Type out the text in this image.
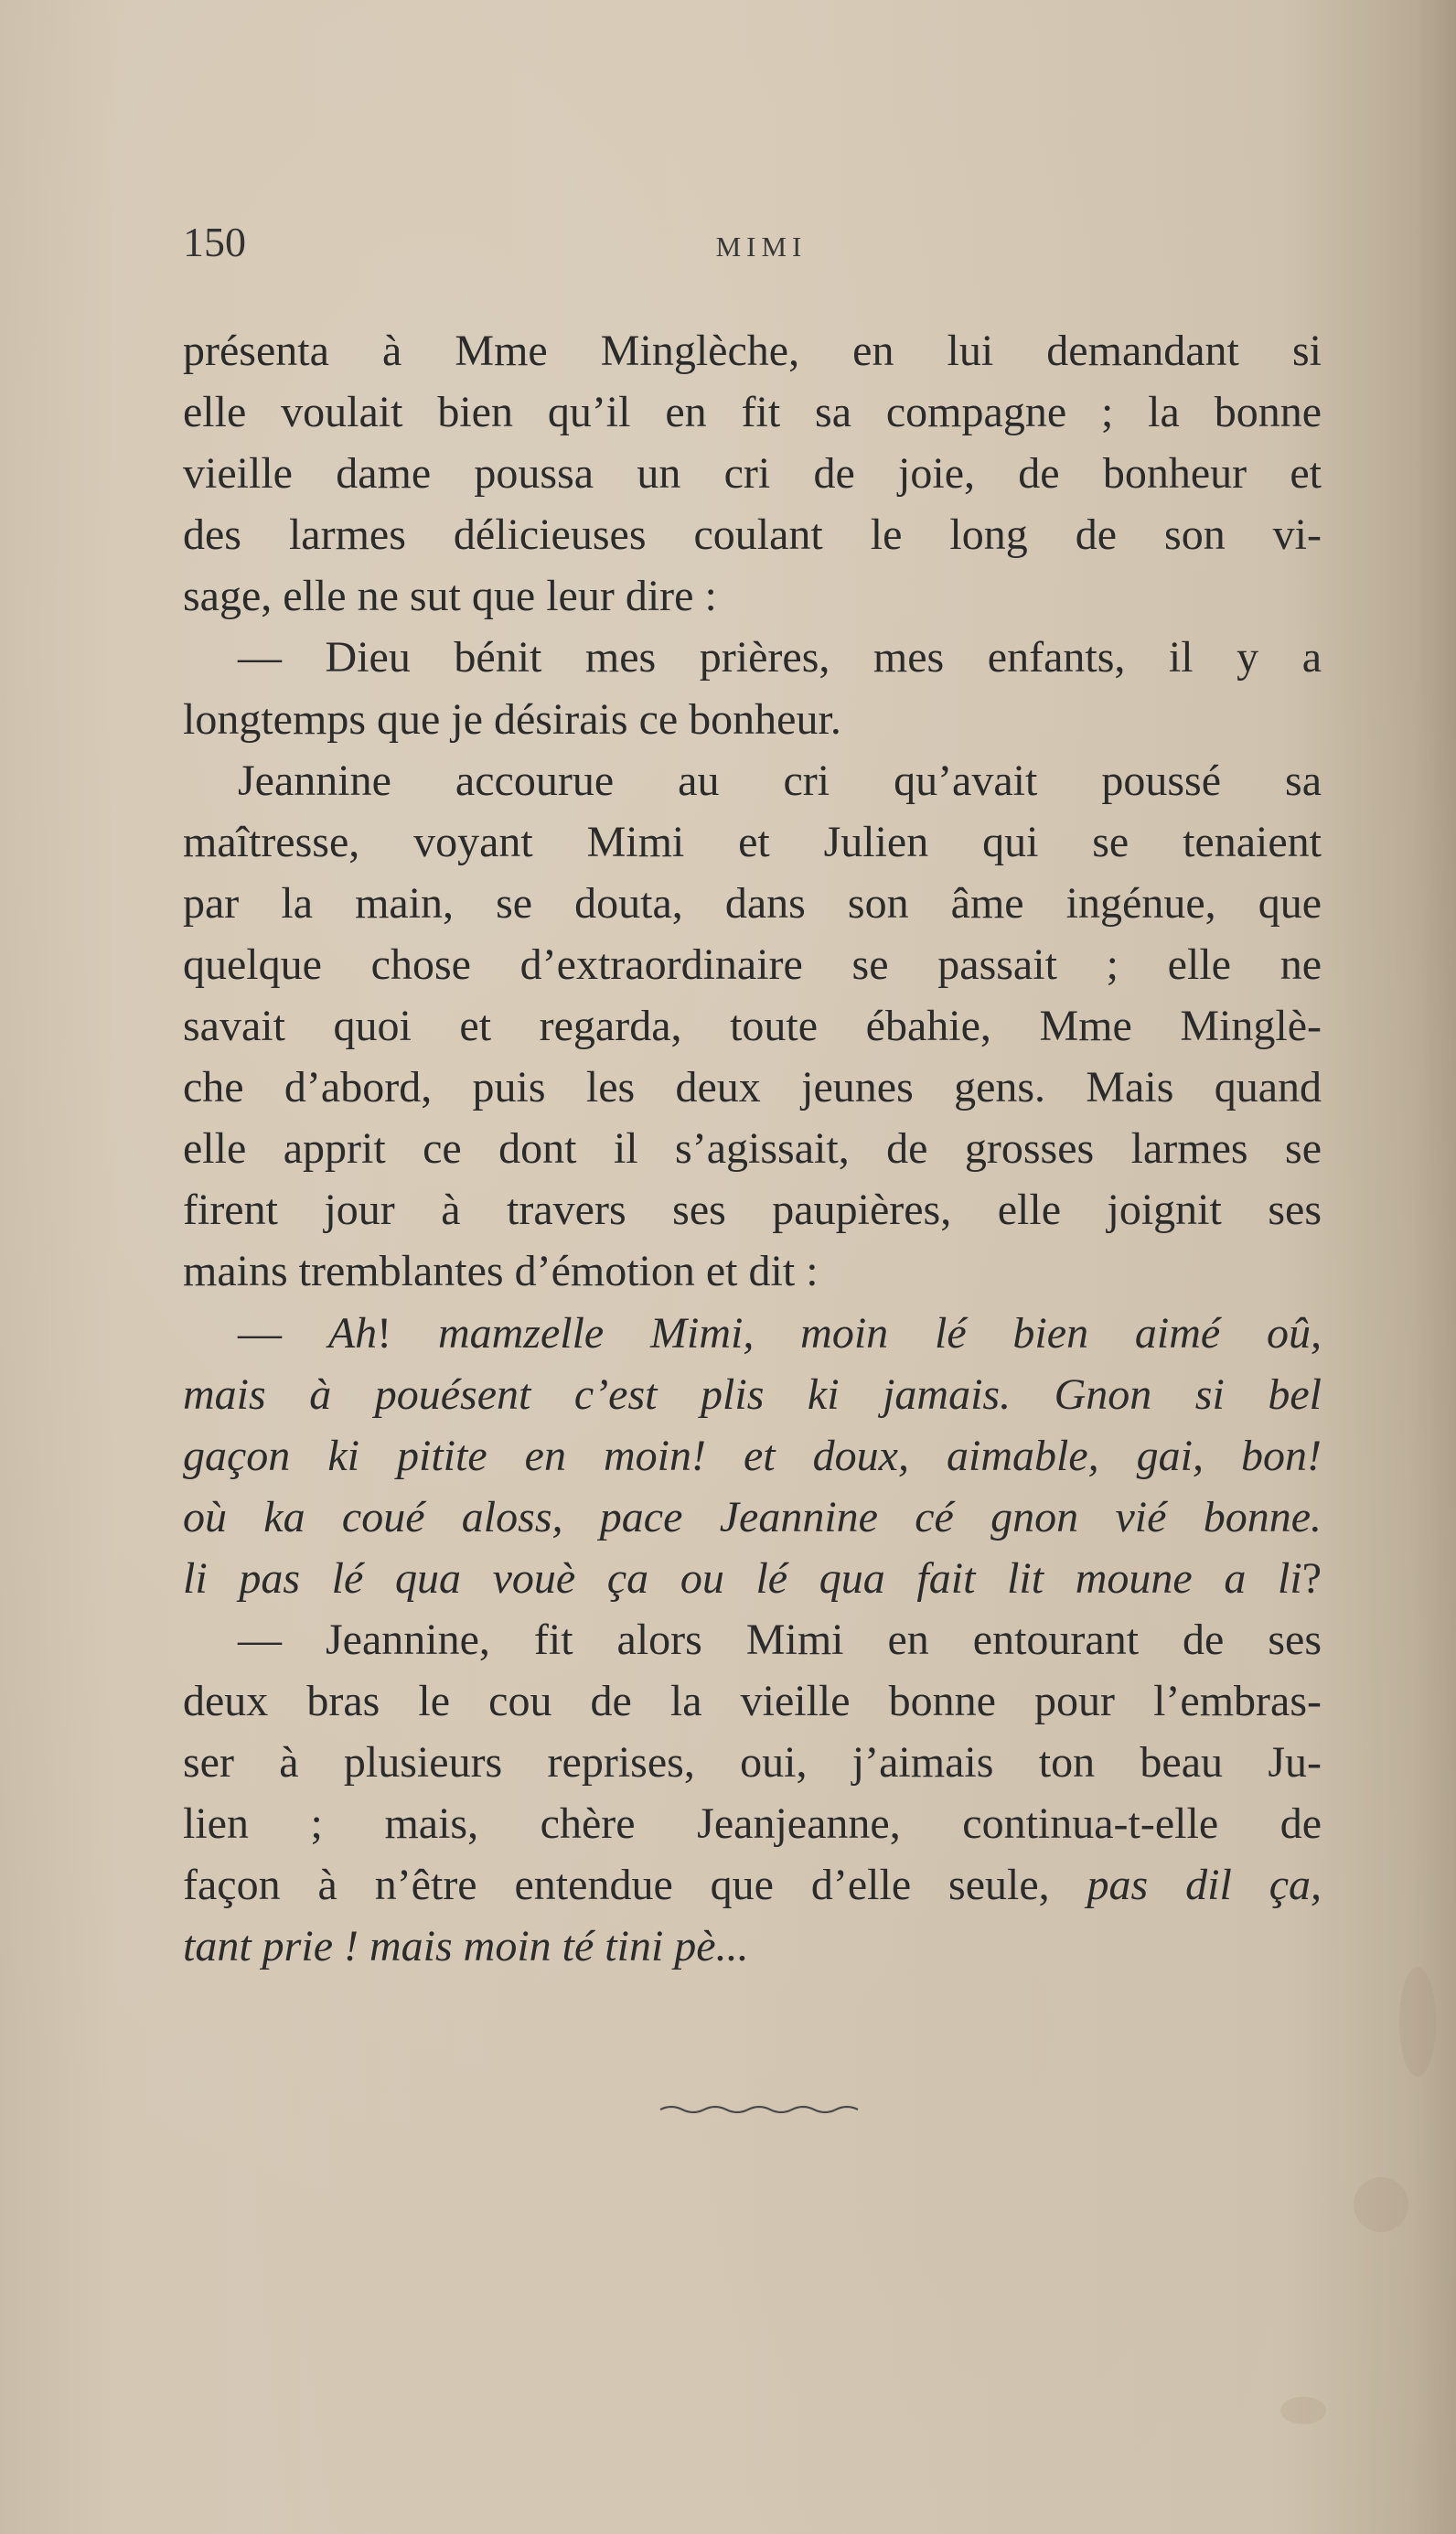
150	MIMI
présenta à Mme Minglèche, en lui demandant si
elle voulait bien qu’il en fit sa compagne ; la bonne
vieille dame poussa un cri de joie, de bonheur et
des larmes délicieuses coulant le long de son vi-
sage, elle ne sut que leur dire :
— Dieu bénit mes prières, mes enfants, il y a
longtemps que je désirais ce bonheur.
Jeannine accourue au cri qu’avait poussé sa
maîtresse, voyant Mimi et Julien qui se tenaient
par la main, se douta, dans son âme ingénue, que
quelque chose d’extraordinaire se passait ; elle ne
savait quoi et regarda, toute ébahie, Mme Minglè-
che d’abord, puis les deux jeunes gens. Mais quand
elle apprit ce dont il s’agissait, de grosses larmes se
firent jour à travers ses paupières, elle joignit ses
mains tremblantes d’émotion et dit :
— Ah! mamzelle Mimi, moin lé bien aimé oû,
mais à pouésent c’est plis ki jamais. Gnon si bel
gaçon ki pitite en moin! et doux, aimable, gai, bon!
où ka coué aloss, pace Jeannine cé gnon vié bonne.
li pas lé qua vouè ça ou lé qua fait lit moune a li?
— Jeannine, fit alors Mimi en entourant de ses
deux bras le cou de la vieille bonne pour l’embras-
ser à plusieurs reprises, oui, j’aimais ton beau Ju-
lien ; mais, chère Jeanjeanne, continua-t-elle de
façon à n’être entendue que d’elle seule, pas dil ça,
tant prie ! mais moin té tini pè...
